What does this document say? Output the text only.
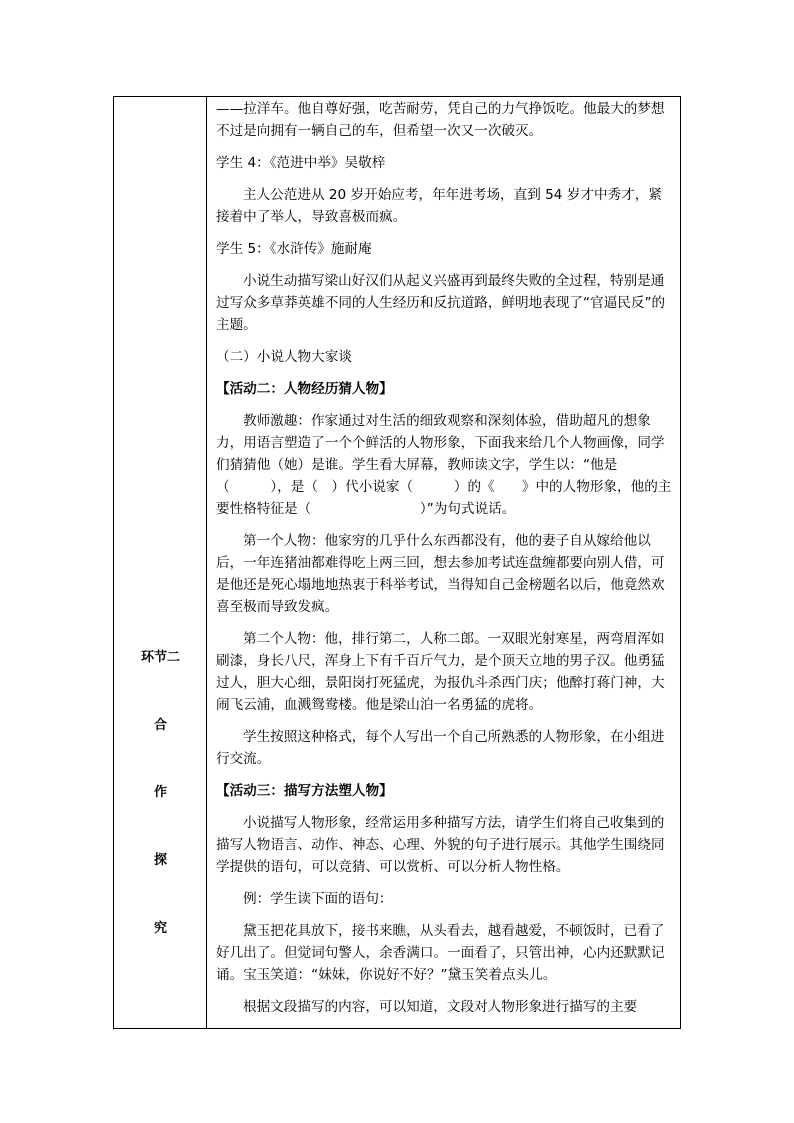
环节二
合
作
探
究

——拉洋车。他自尊好强，吃苦耐劳，凭自己的力气挣饭吃。他最大的梦想不过是向拥有一辆自己的车，但希望一次又一次破灭。

学生 4：《范进中举》吴敬梓

主人公范进从 20 岁开始应考，年年进考场，直到 54 岁才中秀才，紧接着中了举人，导致喜极而疯。

学生 5：《水浒传》施耐庵

小说生动描写梁山好汉们从起义兴盛再到最终失败的全过程，特别是通过写众多草莽英雄不同的人生经历和反抗道路，鲜明地表现了“官逼民反”的主题。

（二）小说人物大家谈

【活动二：人物经历猜人物】

教师激趣：作家通过对生活的细致观察和深刻体验，借助超凡的想象力，用语言塑造了一个个鲜活的人物形象，下面我来给几个人物画像，同学们猜猜他（她）是谁。学生看大屏幕，教师读文字，学生以：“他是（　　　），是（　）代小说家（　　　）的《　　》中的人物形象，他的主要性格特征是（　　　　　　　　）”为句式说话。

第一个人物：他家穷的几乎什么东西都没有，他的妻子自从嫁给他以后，一年连猪油都难得吃上两三回，想去参加考试连盘缠都要向别人借，可是他还是死心塌地地热衷于科举考试，当得知自己金榜题名以后，他竟然欢喜至极而导致发疯。

第二个人物：他，排行第二，人称二郎。一双眼光射寒星，两弯眉浑如刷漆，身长八尺，浑身上下有千百斤气力，是个顶天立地的男子汉。他勇猛过人，胆大心细，景阳岗打死猛虎，为报仇斗杀西门庆；他醉打蒋门神，大闹飞云浦，血溅鸳鸯楼。他是梁山泊一名勇猛的虎将。

学生按照这种格式，每个人写出一个自己所熟悉的人物形象，在小组进行交流。

【活动三：描写方法塑人物】

小说描写人物形象，经常运用多种描写方法，请学生们将自己收集到的描写人物语言、动作、神态、心理、外貌的句子进行展示。其他学生围绕同学提供的语句，可以竞猜、可以赏析、可以分析人物性格。

例：学生读下面的语句：

黛玉把花具放下，接书来瞧，从头看去，越看越爱，不顿饭时，已看了好几出了。但觉词句警人，余香满口。一面看了，只管出神，心内还默默记诵。宝玉笑道：“妹妹，你说好不好？”黛玉笑着点头儿。

根据文段描写的内容，可以知道，文段对人物形象进行描写的主要
